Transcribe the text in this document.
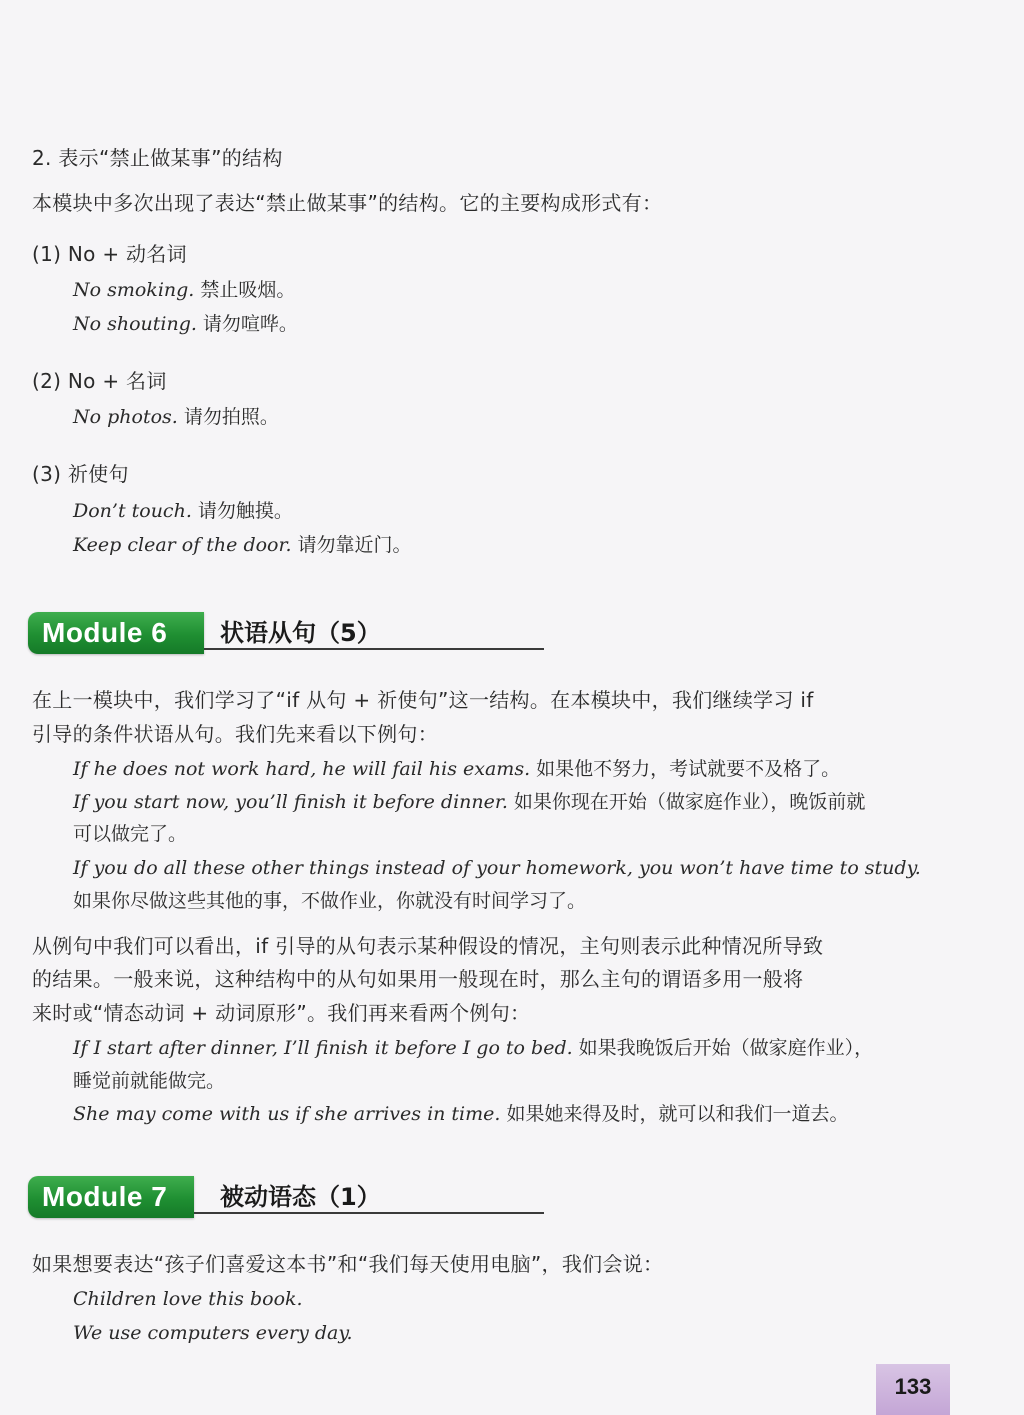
2. 表示“禁止做某事”的结构
本模块中多次出现了表达“禁止做某事”的结构。它的主要构成形式有：
(1) No + 动名词
No smoking. 禁止吸烟。
No shouting. 请勿喧哗。
(2) No + 名词
No photos. 请勿拍照。
(3) 祈使句
Don’t touch. 请勿触摸。
Keep clear of the door. 请勿靠近门。
Module 6 状语从句（5）
在上一模块中，我们学习了“if 从句 + 祈使句”这一结构。在本模块中，我们继续学习 if
引导的条件状语从句。我们先来看以下例句：
If he does not work hard, he will fail his exams. 如果他不努力，考试就要不及格了。
If you start now, you’ll finish it before dinner. 如果你现在开始（做家庭作业），晚饭前就
可以做完了。
If you do all these other things instead of your homework, you won’t have time to study.
如果你尽做这些其他的事，不做作业，你就没有时间学习了。
从例句中我们可以看出，if 引导的从句表示某种假设的情况，主句则表示此种情况所导致
的结果。一般来说，这种结构中的从句如果用一般现在时，那么主句的谓语多用一般将
来时或“情态动词 + 动词原形”。我们再来看两个例句：
If I start after dinner, I’ll finish it before I go to bed. 如果我晚饭后开始（做家庭作业），
睡觉前就能做完。
She may come with us if she arrives in time. 如果她来得及时，就可以和我们一道去。
Module 7 被动语态（1）
如果想要表达“孩子们喜爱这本书”和“我们每天使用电脑”，我们会说：
Children love this book.
We use computers every day.
133
